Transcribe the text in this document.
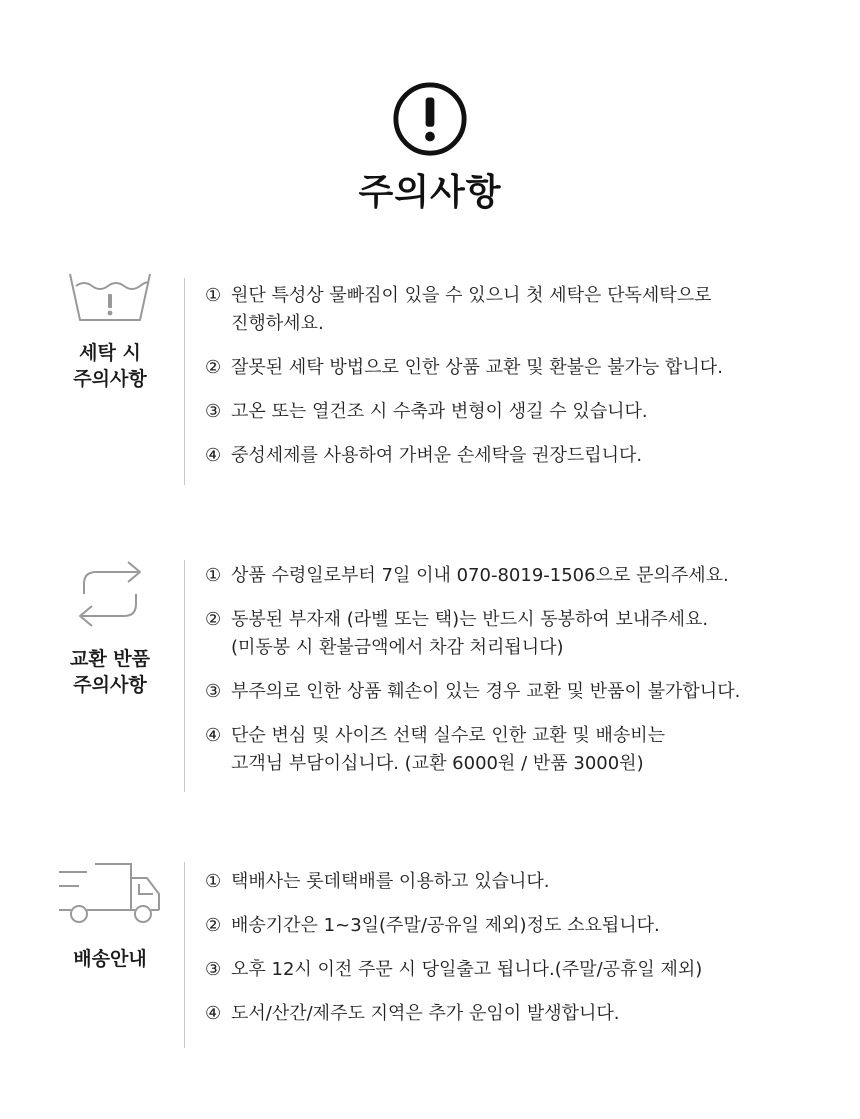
주의사항
세탁 시
주의사항
① 원단 특성상 물빠짐이 있을 수 있으니 첫 세탁은 단독세탁으로
진행하세요.
② 잘못된 세탁 방법으로 인한 상품 교환 및 환불은 불가능 합니다.
③ 고온 또는 열건조 시 수축과 변형이 생길 수 있습니다.
④ 중성세제를 사용하여 가벼운 손세탁을 권장드립니다.
교환 반품
주의사항
① 상품 수령일로부터 7일 이내 070-8019-1506으로 문의주세요.
② 동봉된 부자재 (라벨 또는 택)는 반드시 동봉하여 보내주세요.
(미동봉 시 환불금액에서 차감 처리됩니다)
③ 부주의로 인한 상품 훼손이 있는 경우 교환 및 반품이 불가합니다.
④ 단순 변심 및 사이즈 선택 실수로 인한 교환 및 배송비는
고객님 부담이십니다. (교환 6000원 / 반품 3000원)
배송안내
① 택배사는 롯데택배를 이용하고 있습니다.
② 배송기간은 1~3일(주말/공유일 제외)정도 소요됩니다.
③ 오후 12시 이전 주문 시 당일출고 됩니다.(주말/공휴일 제외)
④ 도서/산간/제주도 지역은 추가 운임이 발생합니다.
